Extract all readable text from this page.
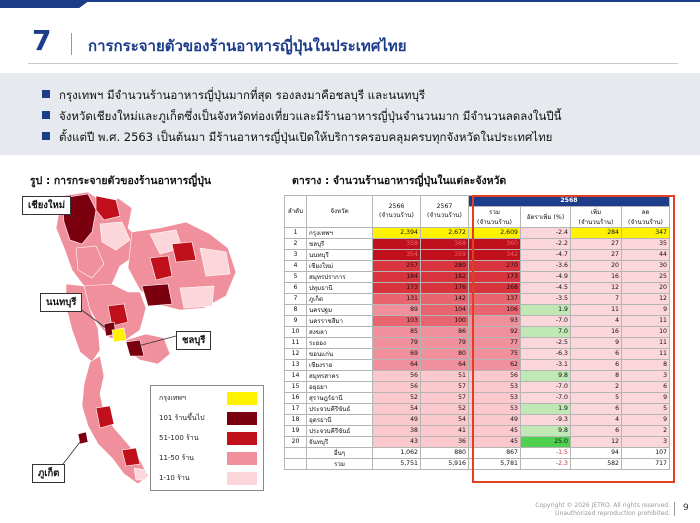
7 การกระจายตัวของร้านอาหารญี่ปุ่นในประเทศไทย
กรุงเทพฯ มีจำนวนร้านอาหารญี่ปุ่นมากที่สุด รองลงมาคือชลบุรี และนนทบุรี
จังหวัดเชียงใหม่และภูเก็ตซึ่งเป็นจังหวัดท่องเที่ยวและมีร้านอาหารญี่ปุ่นจำนวนมาก มีจำนวนลดลงในปีนี้
ตั้งแต่ปี พ.ศ. 2563 เป็นต้นมา มีร้านอาหารญี่ปุ่นเปิดให้บริการครอบคลุมครบทุกจังหวัดในประเทศไทย
รูป : การกระจายตัวของร้านอาหารญี่ปุ่น	ตาราง : จำนวนร้านอาหารญี่ปุ่นในแต่ละจังหวัด
เชียงใหม่
นนทบุรี
ชลบุรี
ภูเก็ต
กรุงเทพฯ
101 ร้านขึ้นไป
51-100 ร้าน
11-50 ร้าน
1-10 ร้าน
ลำดับ	จังหวัด	2566
(จำนวนร้าน)	2567
(จำนวนร้าน)	2568			
				รวม
(จำนวนร้าน)	อัตราเพิ่ม (%)	เพิ่ม
(จำนวนร้าน)	ลด
(จำนวนร้าน)
1	กรุงเทพฯ	2,394	2,672	2,609	-2.4	284	347
2	ชลบุรี	358	368	360	-2.2	27	35
3	นนทบุรี	354	359	342	-4.7	27	44
4	เชียงใหม่	257	280	270	-3.6	20	30
5	สมุทรปราการ	184	182	173	-4.9	16	25
6	ปทุมธานี	173	176	168	-4.5	12	20
7	ภูเก็ต	131	142	137	-3.5	7	12
8	นครปฐม	89	104	106	1.9	11	9
9	นครราชสีมา	103	100	93	-7.0	4	11
10	สงขลา	85	86	92	7.0	16	10
11	ระยอง	79	79	77	-2.5	9	11
12	ขอนแก่น	69	80	75	-6.3	6	11
13	เชียงราย	64	64	62	-3.1	6	8
14	สมุทรสาคร	56	51	56	9.8	8	3
15	อยุธยา	56	57	53	-7.0	2	6
16	สุราษฎร์ธานี	52	57	53	-7.0	5	9
17	ประจวบคีรีขันธ์	54	52	53	1.9	6	5
18	อุดรธานี	49	54	49	-9.3	4	9
19	ประจวบคีรีขันธ์	38	41	45	9.8	6	2
20	จันทบุรี	43	36	45	25.0	12	3
	อื่นๆ	1,062	880	867	-1.5	94	107
	รวม	5,751	5,916	5,781	-2.3	582	717
Copyright © 2026 JETRO. All rights reserved.
Unauthorized reproduction prohibited.
9
